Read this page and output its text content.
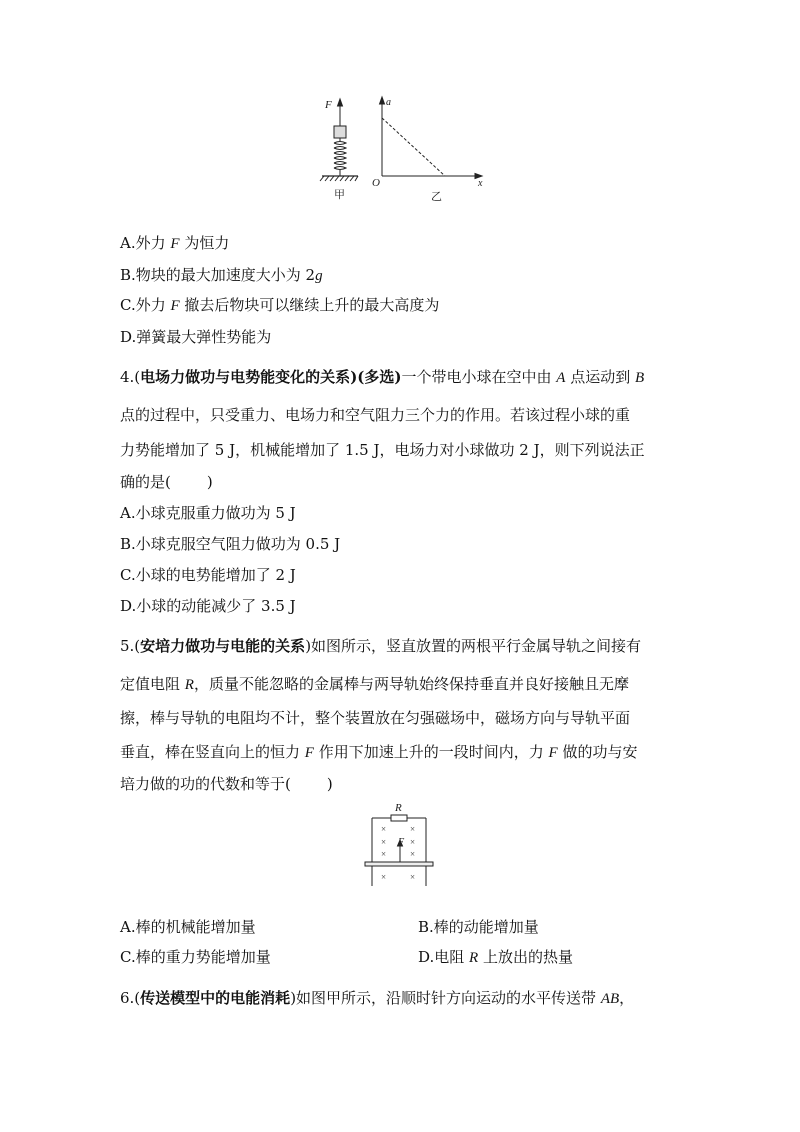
F
甲
a
O	x
乙
A.外力 F 为恒力
B.物块的最大加速度大小为 2g
C.外力 F 撤去后物块可以继续上升的最大高度为
D.弹簧最大弹性势能为
4.(电场力做功与电势能变化的关系)(多选)一个带电小球在空中由 A 点运动到 B
点的过程中，只受重力、电场力和空气阻力三个力的作用。若该过程小球的重
力势能增加了 5 J，机械能增加了 1.5 J，电场力对小球做功 2 J，则下列说法正
确的是( )
A.小球克服重力做功为 5 J
B.小球克服空气阻力做功为 0.5 J
C.小球的电势能增加了 2 J
D.小球的动能减少了 3.5 J
5.(安培力做功与电能的关系)如图所示，竖直放置的两根平行金属导轨之间接有
定值电阻 R，质量不能忽略的金属棒与两导轨始终保持垂直并良好接触且无摩
擦，棒与导轨的电阻均不计，整个装置放在匀强磁场中，磁场方向与导轨平面
垂直，棒在竖直向上的恒力 F 作用下加速上升的一段时间内，力 F 做的功与安
培力做的功的代数和等于( )
R
F
×	×
×	×
×	×
×	×
A.棒的机械能增加量	B.棒的动能增加量
C.棒的重力势能增加量	D.电阻 R 上放出的热量
6.(传送模型中的电能消耗)如图甲所示，沿顺时针方向运动的水平传送带 AB，
